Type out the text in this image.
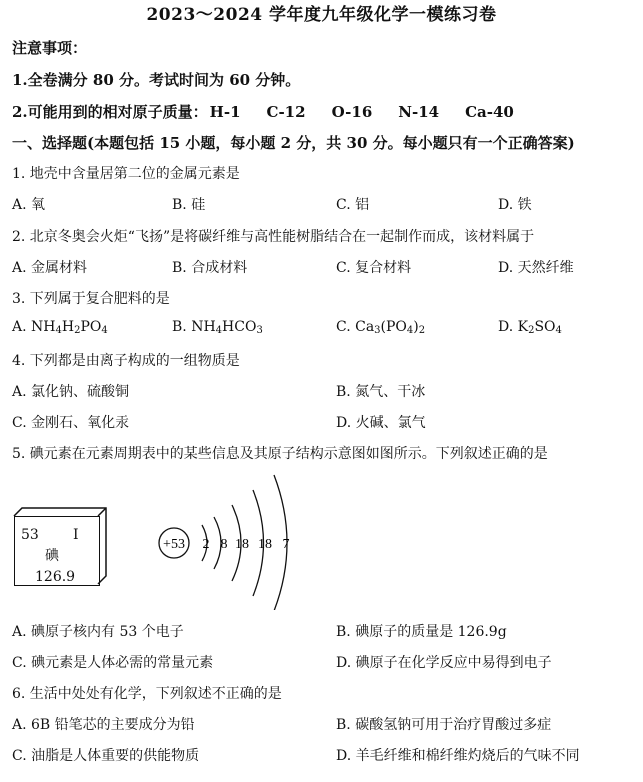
2023～2024 学年度九年级化学一模练习卷
注意事项：
1.全卷满分 80 分。考试时间为 60 分钟。
2.可能用到的相对原子质量： H-1 C-12 O-16 N-14 Ca-40
一、选择题(本题包括 15 小题，每小题 2 分，共 30 分。每小题只有一个正确答案)
1. 地壳中含量居第二位的金属元素是
A. 氧	B. 硅	C. 铝	D. 铁
2. 北京冬奥会火炬“飞扬”是将碳纤维与高性能树脂结合在一起制作而成，该材料属于
A. 金属材料	B. 合成材料	C. 复合材料	D. 天然纤维
3. 下列属于复合肥料的是
A. $NH_4H_2PO_4$	B. $NH_4HCO_3$	C. $Ca_3(PO_4)_2$	D. $K_2SO_4$
4. 下列都是由离子构成的一组物质是
A. 氯化钠、硫酸铜	B. 氮气、干冰
C. 金刚石、氧化汞	D. 火碱、氯气
5. 碘元素在元素周期表中的某些信息及其原子结构示意图如图所示。下列叙述正确的是
53 I
碘
126.9
+53 2 8 18 18 7
A. 碘原子核内有 53 个电子	B. 碘原子的质量是 126.9g
C. 碘元素是人体必需的常量元素	D. 碘原子在化学反应中易得到电子
6. 生活中处处有化学，下列叙述不正确的是
A. 6B 铅笔芯的主要成分为铅	B. 碳酸氢钠可用于治疗胃酸过多症
C. 油脂是人体重要的供能物质	D. 羊毛纤维和棉纤维灼烧后的气味不同
